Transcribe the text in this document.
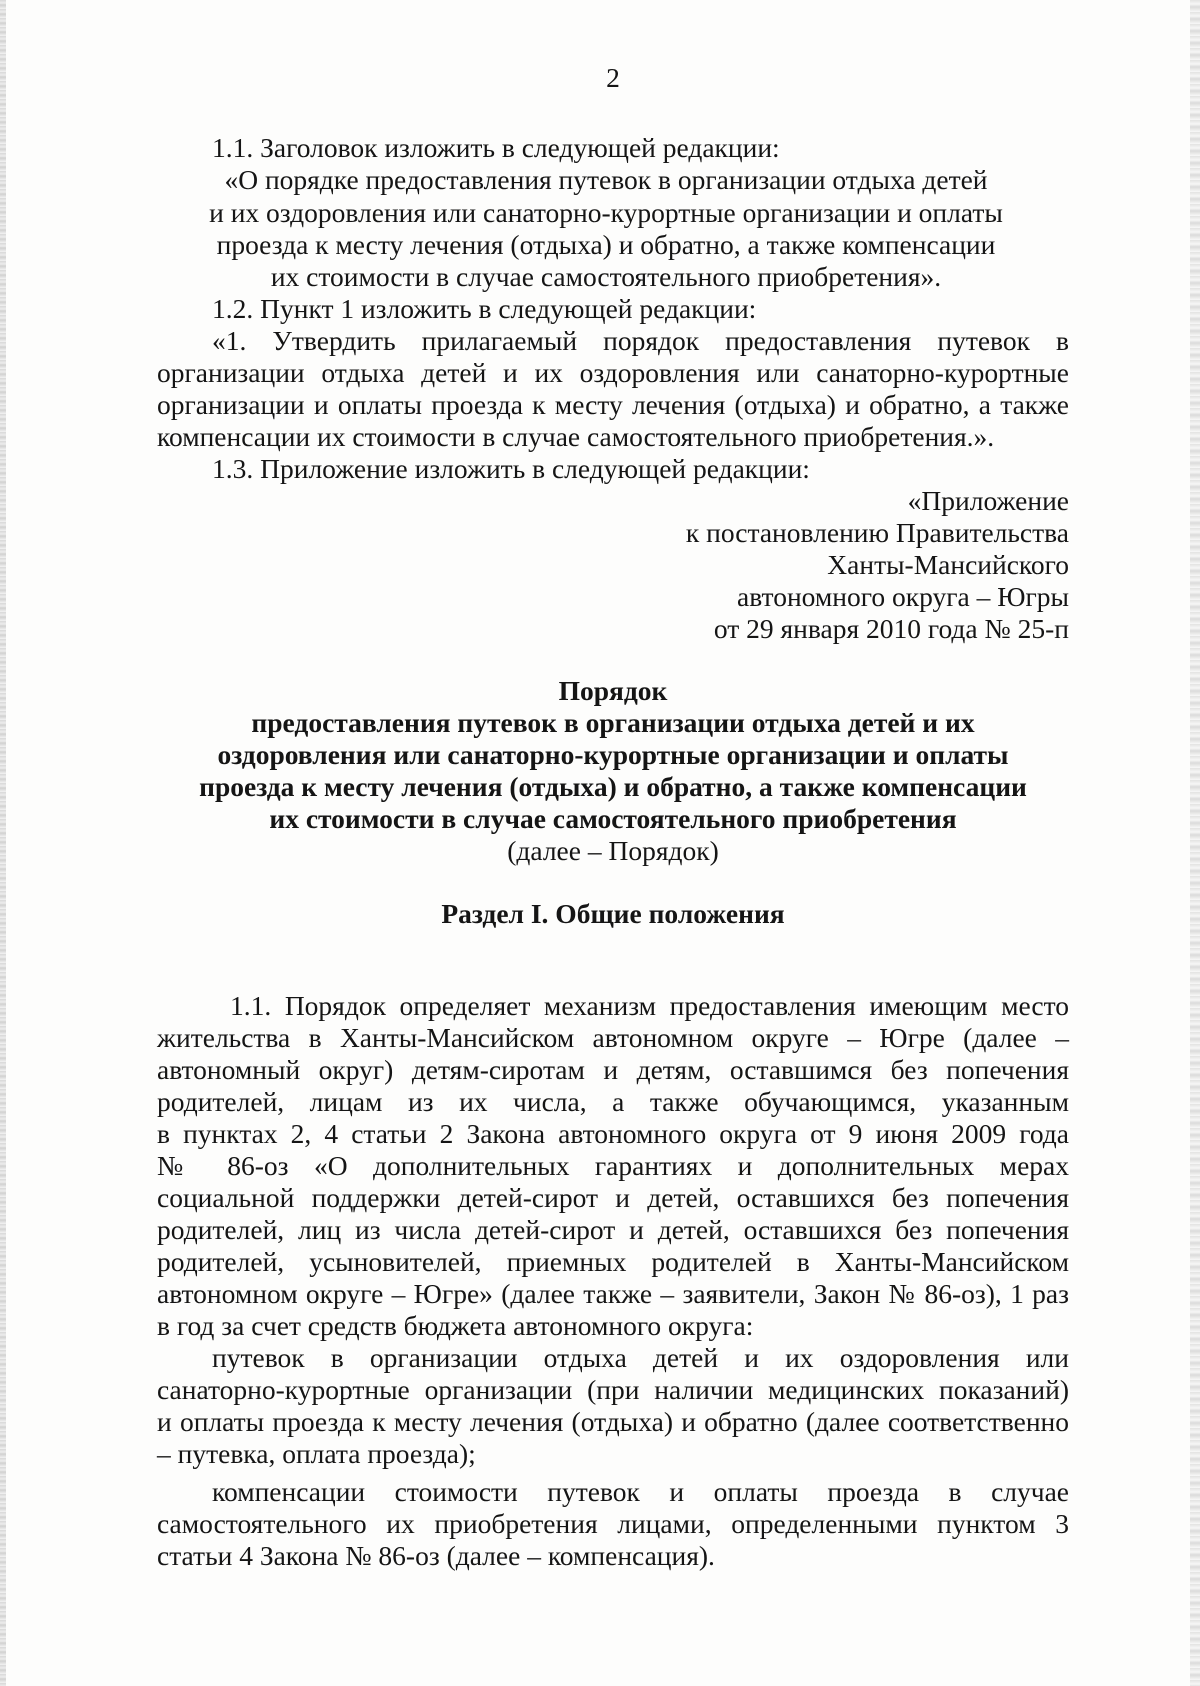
2
1.1. Заголовок изложить в следующей редакции:
«О порядке предоставления путевок в организации отдыха детей
и их оздоровления или санаторно-курортные организации и оплаты
проезда к месту лечения (отдыха) и обратно, а также компенсации
их стоимости в случае самостоятельного приобретения».
1.2. Пункт 1 изложить в следующей редакции:
«1. Утвердить прилагаемый порядок предоставления путевок в
организации отдыха детей и их оздоровления или санаторно-курортные
организации и оплаты проезда к месту лечения (отдыха) и обратно, а также
компенсации их стоимости в случае самостоятельного приобретения.».
1.3. Приложение изложить в следующей редакции:
«Приложение
к постановлению Правительства
Ханты-Мансийского
автономного округа – Югры
от 29 января 2010 года № 25-п
Порядок
предоставления путевок в организации отдыха детей и их
оздоровления или санаторно-курортные организации и оплаты
проезда к месту лечения (отдыха) и обратно, а также компенсации
их стоимости в случае самостоятельного приобретения
(далее – Порядок)
Раздел I. Общие положения
1.1. Порядок определяет механизм предоставления имеющим место
жительства в Ханты-Мансийском автономном округе – Югре (далее –
автономный округ) детям-сиротам и детям, оставшимся без попечения
родителей, лицам из их числа, а также обучающимся, указанным
в пунктах 2, 4 статьи 2 Закона автономного округа от 9 июня 2009 года
№ 86-оз «О дополнительных гарантиях и дополнительных мерах
социальной поддержки детей-сирот и детей, оставшихся без попечения
родителей, лиц из числа детей-сирот и детей, оставшихся без попечения
родителей, усыновителей, приемных родителей в Ханты-Мансийском
автономном округе – Югре» (далее также – заявители, Закон № 86-оз), 1 раз
в год за счет средств бюджета автономного округа:
путевок в организации отдыха детей и их оздоровления или
санаторно-курортные организации (при наличии медицинских показаний)
и оплаты проезда к месту лечения (отдыха) и обратно (далее соответственно
– путевка, оплата проезда);
компенсации стоимости путевок и оплаты проезда в случае
самостоятельного их приобретения лицами, определенными пунктом 3
статьи 4 Закона № 86-оз (далее – компенсация).
